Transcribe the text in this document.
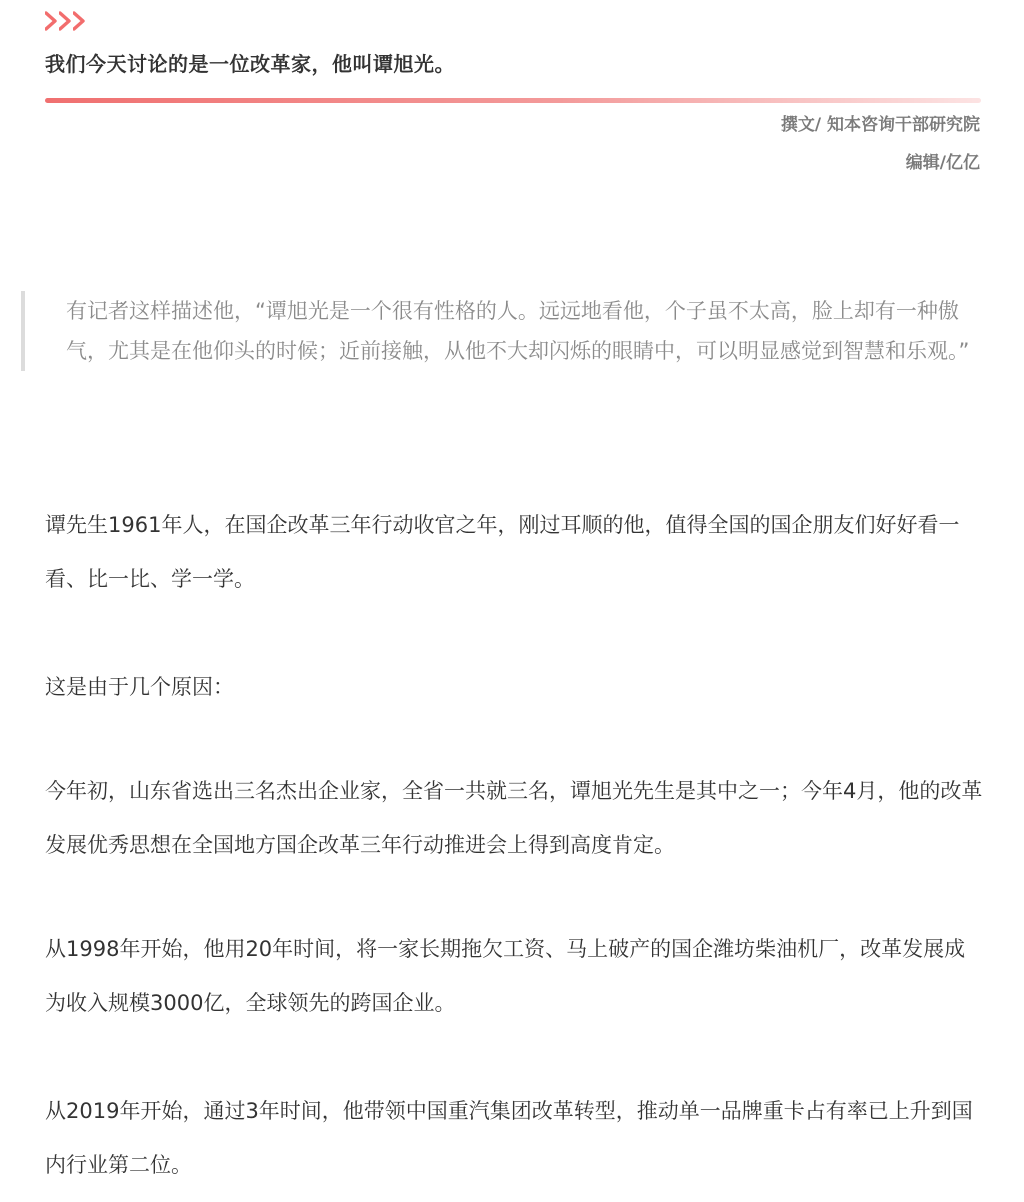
我们今天讨论的是一位改革家，他叫谭旭光。
撰文/ 知本咨询干部研究院
编辑/亿亿
有记者这样描述他，“谭旭光是一个很有性格的人。远远地看他，个子虽不太高，脸上却有一种傲气，尤其是在他仰头的时候；近前接触，从他不大却闪烁的眼睛中，可以明显感觉到智慧和乐观。”
谭先生1961年人，在国企改革三年行动收官之年，刚过耳顺的他，值得全国的国企朋友们好好看一看、比一比、学一学。
这是由于几个原因：
今年初，山东省选出三名杰出企业家，全省一共就三名，谭旭光先生是其中之一；今年4月，他的改革发展优秀思想在全国地方国企改革三年行动推进会上得到高度肯定。
从1998年开始，他用20年时间，将一家长期拖欠工资、马上破产的国企潍坊柴油机厂，改革发展成为收入规模3000亿，全球领先的跨国企业。
从2019年开始，通过3年时间，他带领中国重汽集团改革转型，推动单一品牌重卡占有率已上升到国内行业第二位。
